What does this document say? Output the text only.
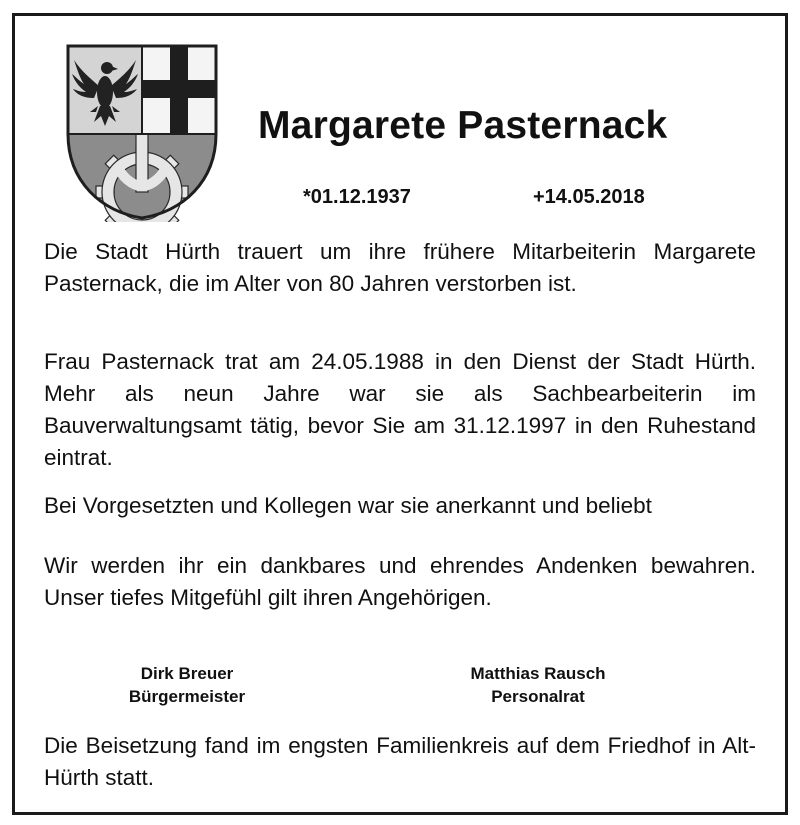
Margarete Pasternack
*01.12.1937	+14.05.2018

Die Stadt Hürth trauert um ihre frühere Mitarbeiterin Margarete Pasternack, die im Alter von 80 Jahren verstorben ist.

Frau Pasternack trat am 24.05.1988 in den Dienst der Stadt Hürth. Mehr als neun Jahre war sie als Sachbearbeiterin im Bauverwaltungsamt tätig, bevor Sie am 31.12.1997 in den Ruhestand eintrat.

Bei Vorgesetzten und Kollegen war sie anerkannt und beliebt

Wir werden ihr ein dankbares und ehrendes Andenken bewahren. Unser tiefes Mitgefühl gilt ihren Angehörigen.

Dirk Breuer
Bürgermeister
Matthias Rausch
Personalrat

Die Beisetzung fand im engsten Familienkreis auf dem Friedhof in Alt-Hürth statt.
